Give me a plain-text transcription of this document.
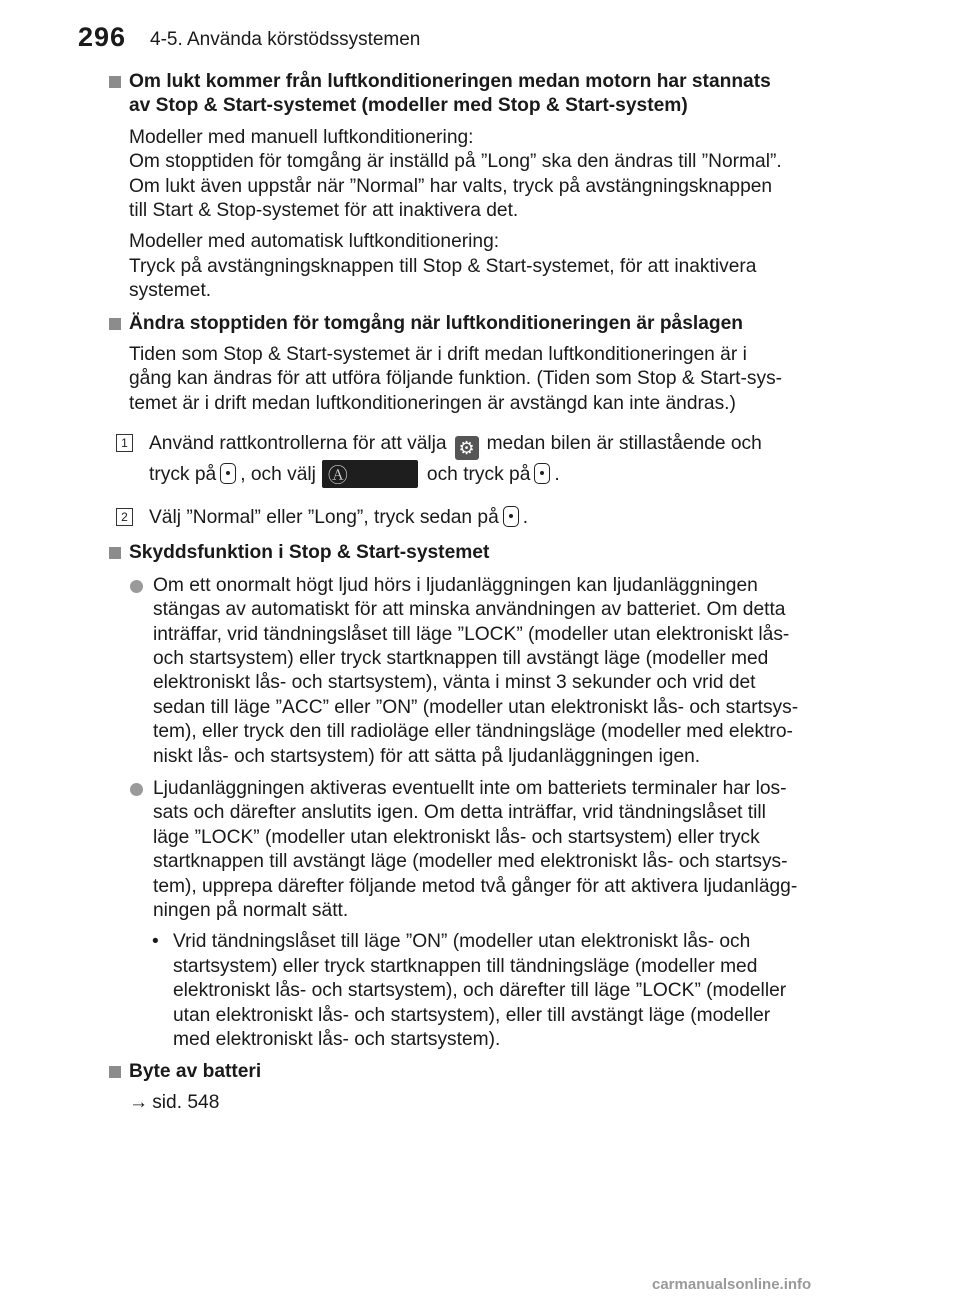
296 4-5. Använda körstödssystemen
Om lukt kommer från luftkonditioneringen medan motorn har stannats
av Stop & Start-systemet (modeller med Stop & Start-system)
Modeller med manuell luftkonditionering:
Om stopptiden för tomgång är inställd på ”Long” ska den ändras till ”Normal”.
Om lukt även uppstår när ”Normal” har valts, tryck på avstängningsknappen
till Start & Stop-systemet för att inaktivera det.
Modeller med automatisk luftkonditionering:
Tryck på avstängningsknappen till Stop & Start-systemet, för att inaktivera
systemet.
Ändra stopptiden för tomgång när luftkonditioneringen är påslagen
Tiden som Stop & Start-systemet är i drift medan luftkonditioneringen är i
gång kan ändras för att utföra följande funktion. (Tiden som Stop & Start-sys-
temet är i drift medan luftkonditioneringen är avstängd kan inte ändras.)
1 Använd rattkontrollerna för att välja ⚙ medan bilen är stillastående och
tryck på , och välj Ⓐ	och tryck på .
2 Välj ”Normal” eller ”Long”, tryck sedan på .
Skyddsfunktion i Stop & Start-systemet
Om ett onormalt högt ljud hörs i ljudanläggningen kan ljudanläggningen
stängas av automatiskt för att minska användningen av batteriet. Om detta
inträffar, vrid tändningslåset till läge ”LOCK” (modeller utan elektroniskt lås-
och startsystem) eller tryck startknappen till avstängt läge (modeller med
elektroniskt lås- och startsystem), vänta i minst 3 sekunder och vrid det
sedan till läge ”ACC” eller ”ON” (modeller utan elektroniskt lås- och startsys-
tem), eller tryck den till radioläge eller tändningsläge (modeller med elektro-
niskt lås- och startsystem) för att sätta på ljudanläggningen igen.
Ljudanläggningen aktiveras eventuellt inte om batteriets terminaler har los-
sats och därefter anslutits igen. Om detta inträffar, vrid tändningslåset till
läge ”LOCK” (modeller utan elektroniskt lås- och startsystem) eller tryck
startknappen till avstängt läge (modeller med elektroniskt lås- och startsys-
tem), upprepa därefter följande metod två gånger för att aktivera ljudanlägg-
ningen på normalt sätt.
• Vrid tändningslåset till läge ”ON” (modeller utan elektroniskt lås- och
startsystem) eller tryck startknappen till tändningsläge (modeller med
elektroniskt lås- och startsystem), och därefter till läge ”LOCK” (modeller
utan elektroniskt lås- och startsystem), eller till avstängt läge (modeller
med elektroniskt lås- och startsystem).
Byte av batteri
→ sid. 548
carmanualsonline.info
